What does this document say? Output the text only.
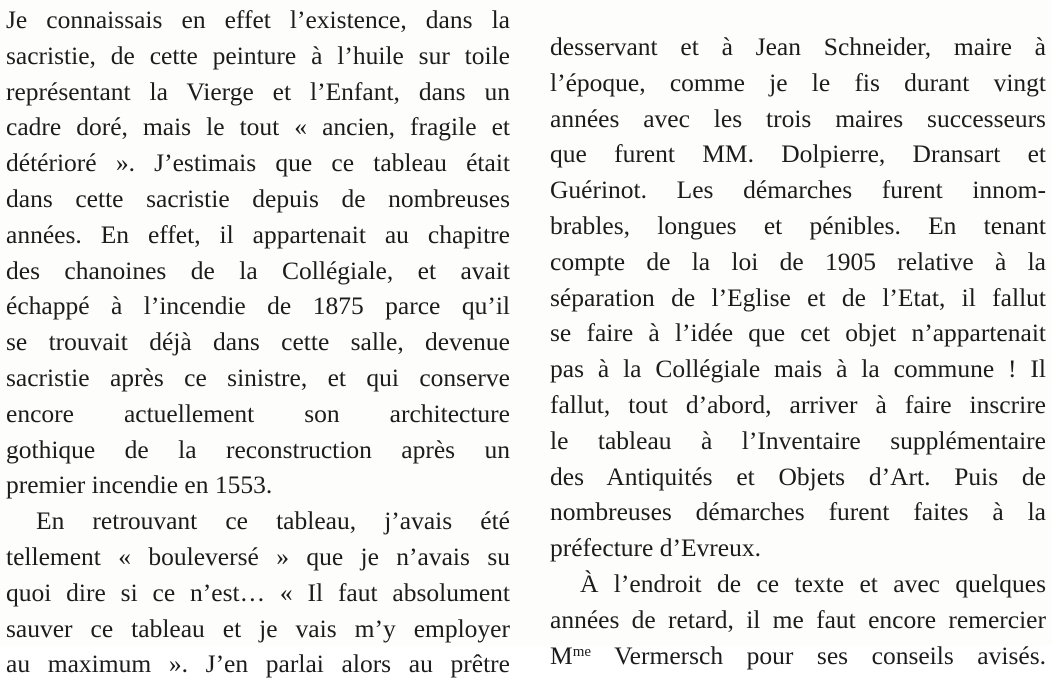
Je connaissais en effet l’existence, dans la
sacristie, de cette peinture à l’huile sur toile
représentant la Vierge et l’Enfant, dans un
cadre doré, mais le tout « ancien, fragile et
détérioré ». J’estimais que ce tableau était
dans cette sacristie depuis de nombreuses
années. En effet, il appartenait au chapitre
des chanoines de la Collégiale, et avait
échappé à l’incendie de 1875 parce qu’il
se trouvait déjà dans cette salle, devenue
sacristie après ce sinistre, et qui conserve
encore actuellement son architecture
gothique de la reconstruction après un
premier incendie en 1553.
En retrouvant ce tableau, j’avais été
tellement « bouleversé » que je n’avais su
quoi dire si ce n’est… « Il faut absolument
sauver ce tableau et je vais m’y employer
au maximum ». J’en parlai alors au prêtre
desservant et à Jean Schneider, maire à
l’époque, comme je le fis durant vingt
années avec les trois maires successeurs
que furent MM. Dolpierre, Dransart et
Guérinot. Les démarches furent innom-
brables, longues et pénibles. En tenant
compte de la loi de 1905 relative à la
séparation de l’Eglise et de l’Etat, il fallut
se faire à l’idée que cet objet n’appartenait
pas à la Collégiale mais à la commune ! Il
fallut, tout d’abord, arriver à faire inscrire
le tableau à l’Inventaire supplémentaire
des Antiquités et Objets d’Art. Puis de
nombreuses démarches furent faites à la
préfecture d’Evreux.
À l’endroit de ce texte et avec quelques
années de retard, il me faut encore remercier
$M^{me}$ Vermersch pour ses conseils avisés.
